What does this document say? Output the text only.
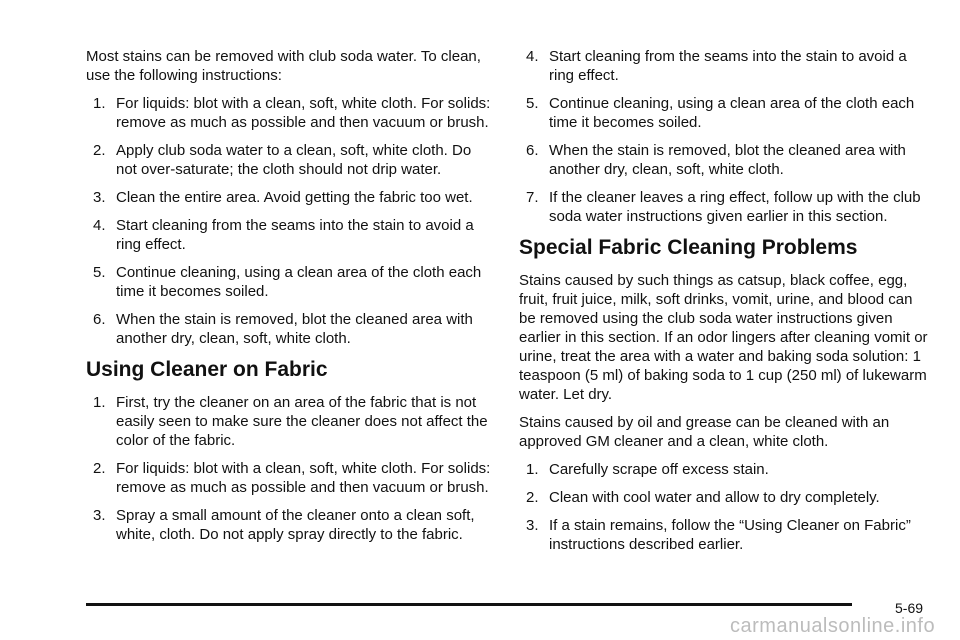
Most stains can be removed with club soda water. To clean, use the following instructions:

1. For liquids: blot with a clean, soft, white cloth. For solids: remove as much as possible and then vacuum or brush.
2. Apply club soda water to a clean, soft, white cloth. Do not over-saturate; the cloth should not drip water.
3. Clean the entire area. Avoid getting the fabric too wet.
4. Start cleaning from the seams into the stain to avoid a ring effect.
5. Continue cleaning, using a clean area of the cloth each time it becomes soiled.
6. When the stain is removed, blot the cleaned area with another dry, clean, soft, white cloth.
Using Cleaner on Fabric
1. First, try the cleaner on an area of the fabric that is not easily seen to make sure the cleaner does not affect the color of the fabric.
2. For liquids: blot with a clean, soft, white cloth. For solids: remove as much as possible and then vacuum or brush.
3. Spray a small amount of the cleaner onto a clean soft, white, cloth. Do not apply spray directly to the fabric.
4. Start cleaning from the seams into the stain to avoid a ring effect.
5. Continue cleaning, using a clean area of the cloth each time it becomes soiled.
6. When the stain is removed, blot the cleaned area with another dry, clean, soft, white cloth.
7. If the cleaner leaves a ring effect, follow up with the club soda water instructions given earlier in this section.
Special Fabric Cleaning Problems

Stains caused by such things as catsup, black coffee, egg, fruit, fruit juice, milk, soft drinks, vomit, urine, and blood can be removed using the club soda water instructions given earlier in this section. If an odor lingers after cleaning vomit or urine, treat the area with a water and baking soda solution: 1 teaspoon (5 ml) of baking soda to 1 cup (250 ml) of lukewarm water. Let dry.

Stains caused by oil and grease can be cleaned with an approved GM cleaner and a clean, white cloth.

1. Carefully scrape off excess stain.
2. Clean with cool water and allow to dry completely.
3. If a stain remains, follow the “Using Cleaner on Fabric” instructions described earlier.
5-69
carmanualsonline.info
